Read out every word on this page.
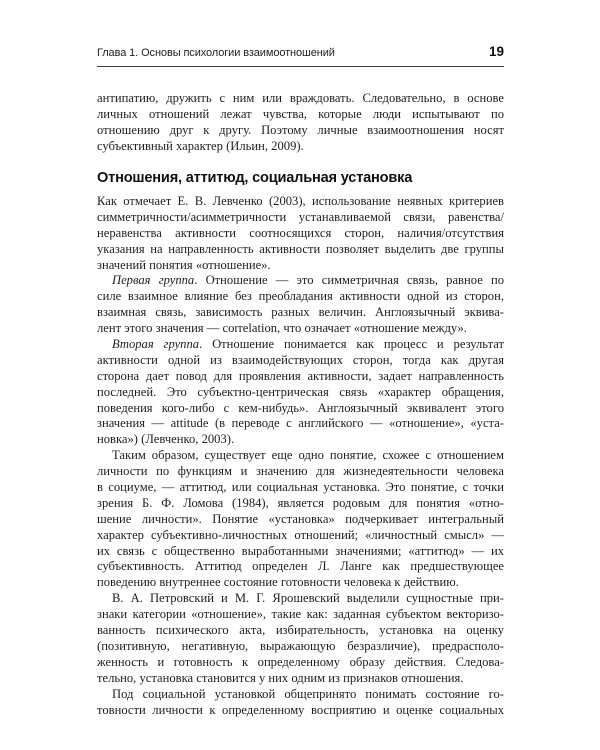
Глава 1. Основы психологии взаимоотношений	19
антипатию, дружить с ним или враждовать. Следовательно, в основе
личных отношений лежат чувства, которые люди испытывают по
отношению друг к другу. Поэтому личные взаимоотношения носят
субъективный характер (Ильин, 2009).
Отношения, аттитюд, социальная установка
Как отмечает Е. В. Левченко (2003), использование неявных критериев
симметричности/асимметричности устанавливаемой связи, равенства/
неравенства активности соотносящихся сторон, наличия/отсутствия
указания на направленность активности позволяет выделить две группы
значений понятия «отношение».
Первая группа. Отношение — это симметричная связь, равное по
силе взаимное влияние без преобладания активности одной из сторон,
взаимная связь, зависимость разных величин. Англоязычный эквива-
лент этого значения — correlation, что означает «отношение между».
Вторая группа. Отношение понимается как процесс и результат
активности одной из взаимодействующих сторон, тогда как другая
сторона дает повод для проявления активности, задает направленность
последней. Это субъектно-центрическая связь «характер обращения,
поведения кого-либо с кем-нибудь». Англоязычный эквивалент этого
значения — attitude (в переводе с английского — «отношение», «уста-
новка») (Левченко, 2003).
Таким образом, существует еще одно понятие, схожее с отношением
личности по функциям и значению для жизнедеятельности человека
в социуме, — аттитюд, или социальная установка. Это понятие, с точки
зрения Б. Ф. Ломова (1984), является родовым для понятия «отно-
шение личности». Понятие «установка» подчеркивает интегральный
характер субъективно-личностных отношений; «личностный смысл» —
их связь с общественно выработанными значениями; «аттитюд» — их
субъективность. Аттитюд определен Л. Ланге как предшествующее
поведению внутреннее состояние готовности человека к действию.
В. А. Петровский и М. Г. Ярошевский выделили сущностные при-
знаки категории «отношение», такие как: заданная субъектом векторизо-
ванность психического акта, избирательность, установка на оценку
(позитивную, негативную, выражающую безразличие), предрасполо-
женность и готовность к определенному образу действия. Следова-
тельно, установка становится у них одним из признаков отношения.
Под социальной установкой общепринято понимать состояние го-
товности личности к определенному восприятию и оценке социальных
